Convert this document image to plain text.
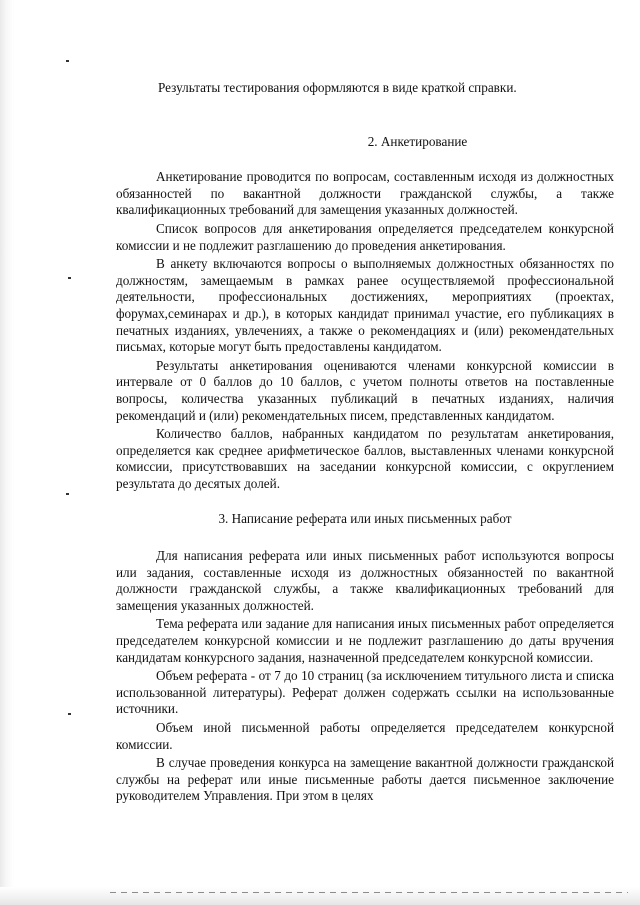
Результаты тестирования оформляются в виде краткой справки.

2. Анкетирование

Анкетирование проводится по вопросам, составленным исходя из должностных обязанностей по вакантной должности гражданской службы, а также квалификационных требований для замещения указанных должностей.

Список вопросов для анкетирования определяется председателем конкурсной комиссии и не подлежит разглашению до проведения анкетирования.

В анкету включаются вопросы о выполняемых должностных обязанностях по должностям, замещаемым в рамках ранее осуществляемой профессиональной деятельности, профессиональных достижениях, мероприятиях (проектах, форумах,семинарах и др.), в которых кандидат принимал участие, его публикациях в печатных изданиях, увлечениях, а также о рекомендациях и (или) рекомендательных письмах, которые могут быть предоставлены кандидатом.

Результаты анкетирования оцениваются членами конкурсной комиссии в интервале от 0 баллов до 10 баллов, с учетом полноты ответов на поставленные вопросы, количества указанных публикаций в печатных изданиях, наличия рекомендаций и (или) рекомендательных писем, представленных кандидатом.

Количество баллов, набранных кандидатом по результатам анкетирования, определяется как среднее арифметическое баллов, выставленных членами конкурсной комиссии, присутствовавших на заседании конкурсной комиссии, с округлением результата до десятых долей.

3. Написание реферата или иных письменных работ

Для написания реферата или иных письменных работ используются вопросы или задания, составленные исходя из должностных обязанностей по вакантной должности гражданской службы, а также квалификационных требований для замещения указанных должностей.

Тема реферата или задание для написания иных письменных работ определяется председателем конкурсной комиссии и не подлежит разглашению до даты вручения кандидатам конкурсного задания, назначенной председателем конкурсной комиссии.

Объем реферата - от 7 до 10 страниц (за исключением титульного листа и списка использованной литературы). Реферат должен содержать ссылки на использованные источники.

Объем иной письменной работы определяется председателем конкурсной комиссии.

В случае проведения конкурса на замещение вакантной должности гражданской службы на реферат или иные письменные работы дается письменное заключение руководителем Управления. При этом в целях
